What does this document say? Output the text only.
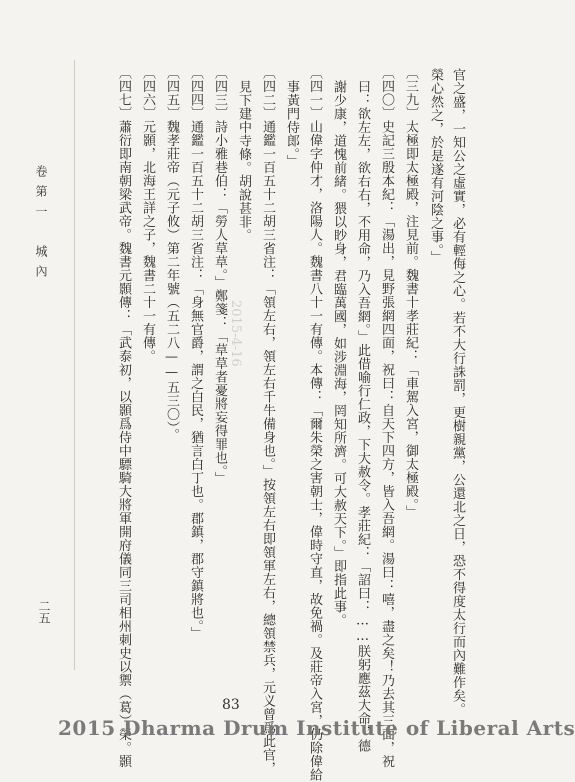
卷第一　城內
二五
2015-4-16	官之盛，一知公之虛實，必有輕侮之心。若不大行誅罰，更樹親黨，公還北之日，恐不得度太行而內難作矣。
榮心然之，於是遂有河陰之事。」
〔三九〕太極即太極殿，注見前。魏書十孝莊紀：「車駕入宮，御太極殿。」
〔四〇〕史記三殷本紀：「湯出，見野張網四面，祝曰：自天下四方，皆入吾網。湯曰：嘻，盡之矣！乃去其三面，祝
曰：欲左左，欲右右，不用命，乃入吾網。」此借喻行仁政，下大赦令。孝莊紀：「詔曰：……朕躬應茲大命，德
謝少康，道愧前緒。猥以眇身，君臨萬國，如涉淵海，罔知所濟。可大赦天下。」即指此事。
〔四一〕山偉字仲才，洛陽人。魏書八十一有傳。本傳：「爾朱榮之害朝士，偉時守直，故免禍。及莊帝入宮，仍除偉給
事黃門侍郎。」
〔四二〕通鑑一百五十二胡三省注：「領左右，領左右千牛備身也。」按領左右即領軍左右，總領禁兵，元义曾爲此官，
見下建中寺條。胡說甚非。
〔四三〕詩小雅巷伯：「勞人草草。」鄭箋：「草草者憂將妄得罪也。」
〔四四〕通鑑一百五十二胡三省注：「身無官爵，謂之白民，猶言白丁也。郡鎮，郡守鎮將也。」
〔四五〕魏孝莊帝（元子攸）第二年號（五二八——五三〇）。
〔四六〕元顥，北海王詳之子，魏書二十一有傳。
〔四七〕蕭衍即南朝梁武帝。魏書元顥傳：「武泰初，以顥爲侍中驃騎大將軍開府儀同三司相州刺史以禦（葛）榮。顥	83
2015 Dharma Drum Institute of Liberal Arts
